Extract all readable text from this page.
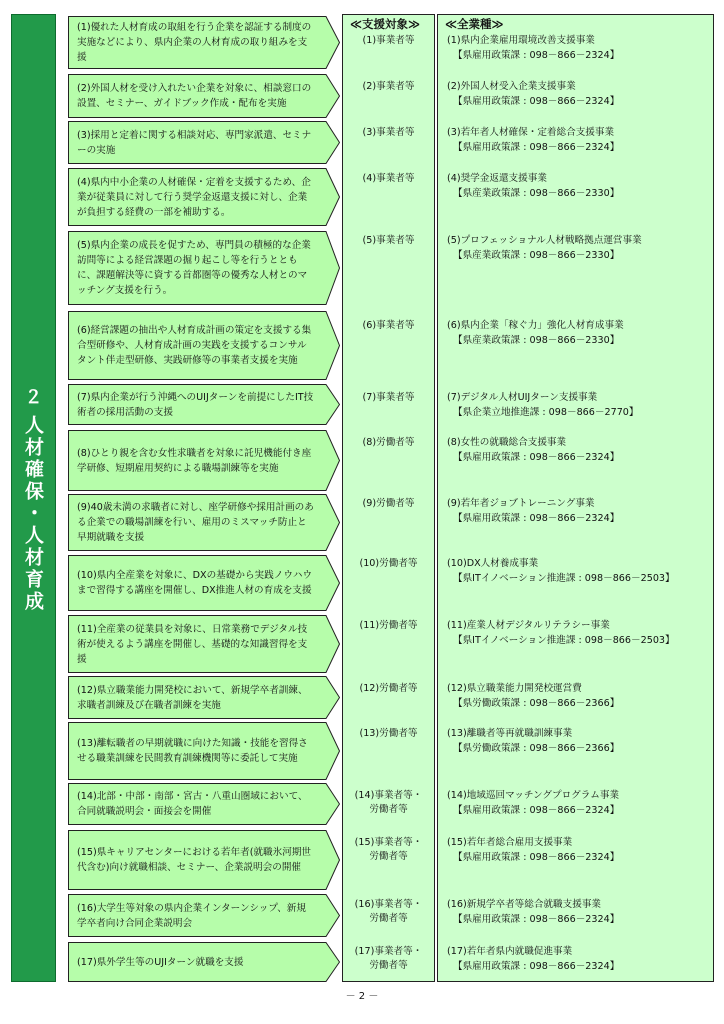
２
人材確保・人材育成
≪支援対象≫ ≪全業種≫
(1)優れた人材育成の取組を行う企業を認証する制度の実施などにより、県内企業の人材育成の取り組みを支援
(1)事業者等	(1)県内企業雇用環境改善支援事業
【県雇用政策課 : 098－866－2324】
(2)外国人材を受け入れたい企業を対象に、相談窓口の設置、セミナー、ガイドブック作成・配布を実施
(2)事業者等	(2)外国人材受入企業支援事業
【県雇用政策課 : 098－866－2324】
(3)採用と定着に関する相談対応、専門家派遣、セミナーの実施
(3)事業者等	(3)若年者人材確保・定着総合支援事業
【県雇用政策課 : 098－866－2324】
(4)県内中小企業の人材確保・定着を支援するため、企業が従業員に対して行う奨学金返還支援に対し、企業が負担する経費の一部を補助する。
(4)事業者等	(4)奨学金返還支援事業
【県産業政策課 : 098－866－2330】
(5)県内企業の成長を促すため、専門員の積極的な企業訪問等による経営課題の掘り起こし等を行うとともに、課題解決等に資する首都圏等の優秀な人材とのマッチング支援を行う。
(5)事業者等	(5)プロフェッショナル人材戦略拠点運営事業
【県産業政策課 : 098－866－2330】
(6)経営課題の抽出や人材育成計画の策定を支援する集合型研修や、人材育成計画の実践を支援するコンサルタント伴走型研修、実践研修等の事業者支援を実施
(6)事業者等	(6)県内企業「稼ぐ力」強化人材育成事業
【県産業政策課 : 098－866－2330】
(7)県内企業が行う沖縄へのUIJターンを前提にしたIT技術者の採用活動の支援
(7)事業者等	(7)デジタル人材UIJターン支援事業
【県企業立地推進課 : 098－866－2770】
(8)ひとり親を含む女性求職者を対象に託児機能付き座学研修、短期雇用契約による職場訓練等を実施
(8)労働者等	(8)女性の就職総合支援事業
【県雇用政策課 : 098－866－2324】
(9)40歳未満の求職者に対し、座学研修や採用計画のある企業での職場訓練を行い、雇用のミスマッチ防止と早期就職を支援
(9)労働者等	(9)若年者ジョブトレーニング事業
【県雇用政策課 : 098－866－2324】
(10)県内全産業を対象に、DXの基礎から実践ノウハウまで習得する講座を開催し、DX推進人材の育成を支援
(10)労働者等	(10)DX人材養成事業
【県ITイノベーション推進課 : 098－866－2503】
(11)全産業の従業員を対象に、日常業務でデジタル技術が使えるよう講座を開催し、基礎的な知識習得を支援
(11)労働者等	(11)産業人材デジタルリテラシー事業
【県ITイノベーション推進課 : 098－866－2503】
(12)県立職業能力開発校において、新規学卒者訓練、求職者訓練及び在職者訓練を実施
(12)労働者等	(12)県立職業能力開発校運営費
【県労働政策課 : 098－866－2366】
(13)離転職者の早期就職に向けた知識・技能を習得させる職業訓練を民間教育訓練機関等に委託して実施
(13)労働者等	(13)離職者等再就職訓練事業
【県労働政策課 : 098－866－2366】
(14)北部・中部・南部・宮古・八重山圏域において、合同就職説明会・面接会を開催
(14)事業者等・
労働者等
(14)地域巡回マッチングプログラム事業
【県雇用政策課 : 098－866－2324】
(15)県キャリアセンターにおける若年者(就職氷河期世代含む)向け就職相談、セミナー、企業説明会の開催
(15)事業者等・
労働者等
(15)若年者総合雇用支援事業
【県雇用政策課 : 098－866－2324】
(16)大学生等対象の県内企業インターンシップ、新規学卒者向け合同企業説明会
(16)事業者等・
労働者等
(16)新規学卒者等総合就職支援事業
【県雇用政策課 : 098－866－2324】
(17)県外学生等のUJIターン就職を支援
(17)事業者等・
労働者等
(17)若年者県内就職促進事業
【県雇用政策課 : 098－866－2324】
－ 2 －
